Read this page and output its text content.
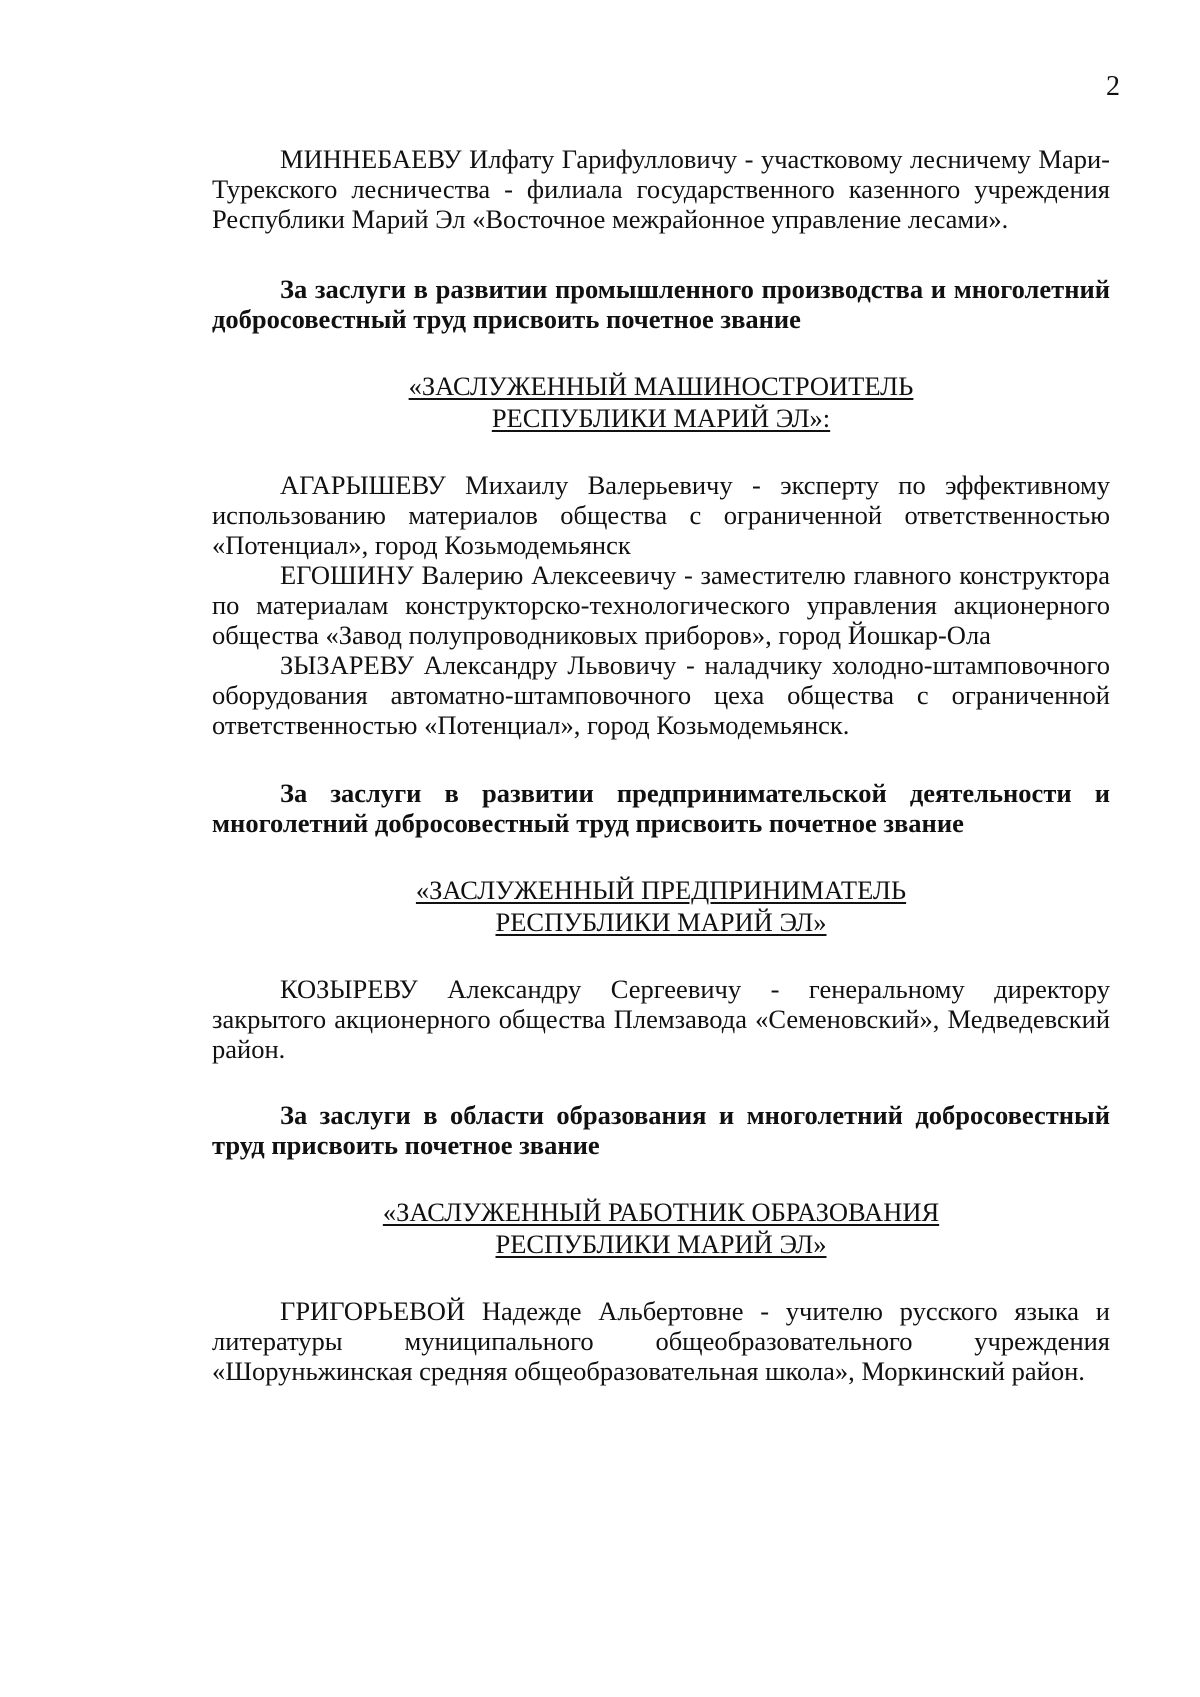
2

МИННЕБАЕВУ Илфату Гарифулловичу - участковому лесничему Мари-Турекского лесничества - филиала государственного казенного учреждения Республики Марий Эл «Восточное межрайонное управление лесами».

За заслуги в развитии промышленного производства и многолетний добросовестный труд присвоить почетное звание

«ЗАСЛУЖЕННЫЙ МАШИНОСТРОИТЕЛЬ
РЕСПУБЛИКИ МАРИЙ ЭЛ»:

АГАРЫШЕВУ Михаилу Валерьевичу - эксперту по эффективному использованию материалов общества с ограниченной ответственностью «Потенциал», город Козьмодемьянск

ЕГОШИНУ Валерию Алексеевичу - заместителю главного конструктора по материалам конструкторско-технологического управления акционерного общества «Завод полупроводниковых приборов», город Йошкар-Ола

ЗЫЗАРЕВУ Александру Львовичу - наладчику холодно-штамповочного оборудования автоматно-штамповочного цеха общества с ограниченной ответственностью «Потенциал», город Козьмодемьянск.

За заслуги в развитии предпринимательской деятельности и многолетний добросовестный труд присвоить почетное звание

«ЗАСЛУЖЕННЫЙ ПРЕДПРИНИМАТЕЛЬ
РЕСПУБЛИКИ МАРИЙ ЭЛ»

КОЗЫРЕВУ Александру Сергеевичу - генеральному директору закрытого акционерного общества Племзавода «Семеновский», Медведевский район.

За заслуги в области образования и многолетний добросовестный труд присвоить почетное звание

«ЗАСЛУЖЕННЫЙ РАБОТНИК ОБРАЗОВАНИЯ
РЕСПУБЛИКИ МАРИЙ ЭЛ»

ГРИГОРЬЕВОЙ Надежде Альбертовне - учителю русского языка и литературы муниципального общеобразовательного учреждения «Шоруньжинская средняя общеобразовательная школа», Моркинский район.
